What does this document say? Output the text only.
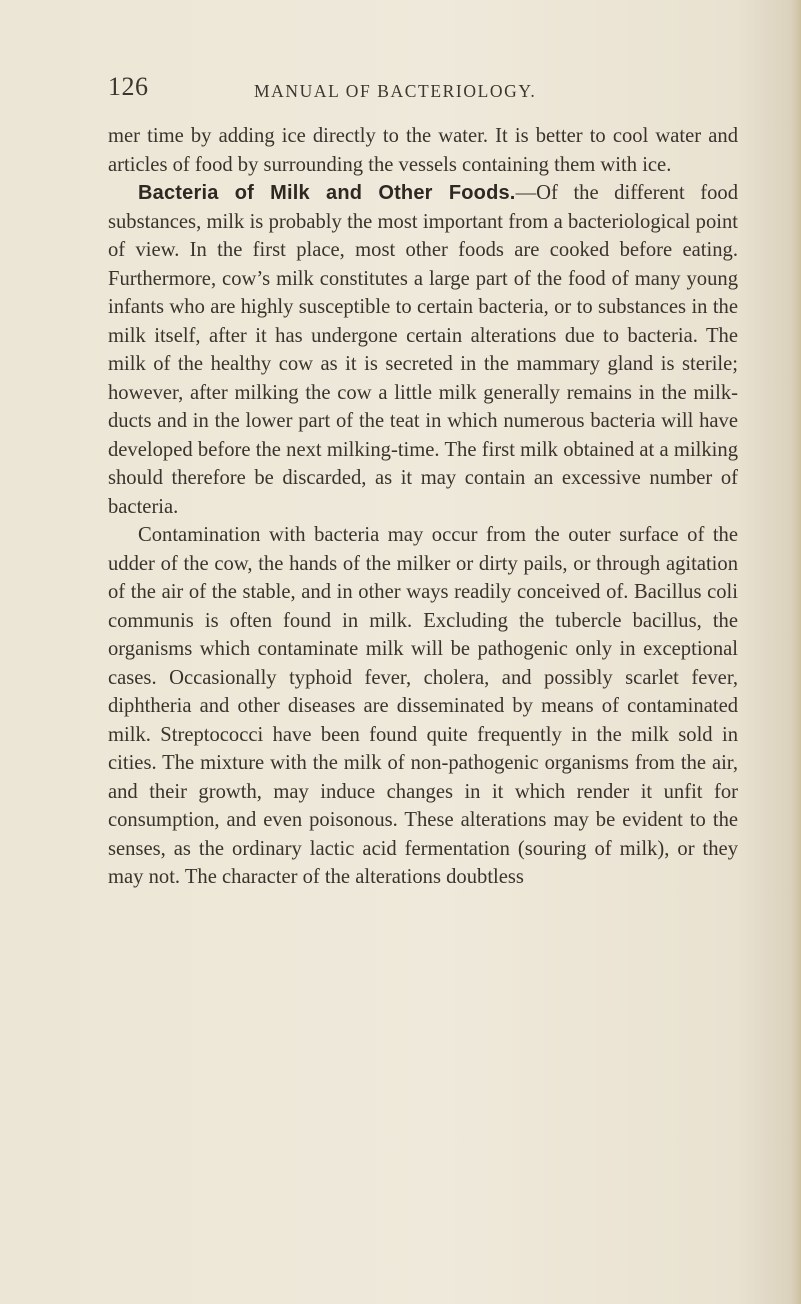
126	MANUAL OF BACTERIOLOGY.

mer time by adding ice directly to the water. It is better to cool water and articles of food by surrounding the vessels containing them with ice.

Bacteria of Milk and Other Foods.—Of the different food substances, milk is probably the most important from a bacteriological point of view. In the first place, most other foods are cooked before eating. Furthermore, cow’s milk constitutes a large part of the food of many young infants who are highly susceptible to certain bacteria, or to substances in the milk itself, after it has undergone certain alterations due to bacteria. The milk of the healthy cow as it is secreted in the mammary gland is sterile; however, after milking the cow a little milk generally remains in the milk-ducts and in the lower part of the teat in which numerous bacteria will have developed before the next milking-time. The first milk obtained at a milking should therefore be discarded, as it may contain an excessive number of bacteria.

Contamination with bacteria may occur from the outer surface of the udder of the cow, the hands of the milker or dirty pails, or through agitation of the air of the stable, and in other ways readily conceived of. Bacillus coli communis is often found in milk. Excluding the tubercle bacillus, the organisms which contaminate milk will be pathogenic only in exceptional cases. Occasionally typhoid fever, cholera, and possibly scarlet fever, diphtheria and other diseases are disseminated by means of contaminated milk. Streptococci have been found quite frequently in the milk sold in cities. The mixture with the milk of non-pathogenic organisms from the air, and their growth, may induce changes in it which render it unfit for consumption, and even poisonous. These alterations may be evident to the senses, as the ordinary lactic acid fermentation (souring of milk), or they may not. The character of the alterations doubtless
